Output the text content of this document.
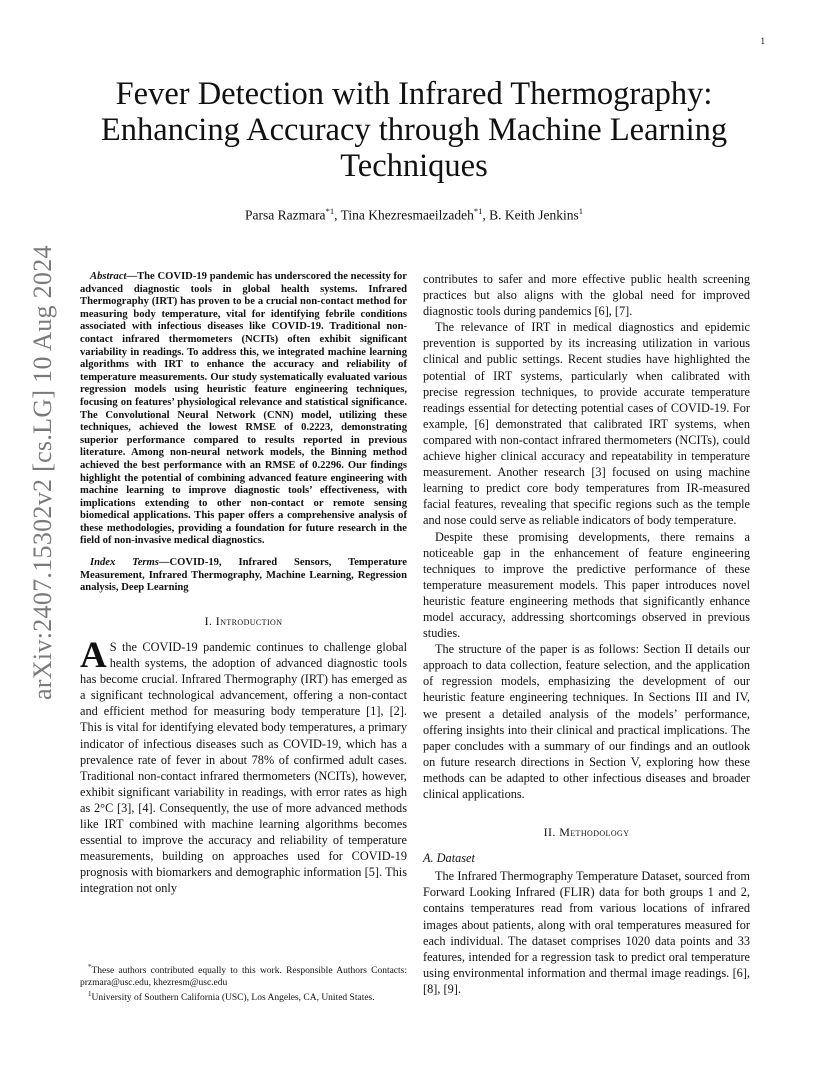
1
arXiv:2407.15302v2 [cs.LG] 10 Aug 2024
Fever Detection with Infrared Thermography: Enhancing Accuracy through Machine Learning Techniques
Parsa Razmara$^{*1}$, Tina Khezresmaeilzadeh$^{*1}$, B. Keith Jenkins$^1$

Abstract—The COVID-19 pandemic has underscored the necessity for advanced diagnostic tools in global health systems. Infrared Thermography (IRT) has proven to be a crucial non-contact method for measuring body temperature, vital for identifying febrile conditions associated with infectious diseases like COVID-19. Traditional non-contact infrared thermometers (NCITs) often exhibit significant variability in readings. To address this, we integrated machine learning algorithms with IRT to enhance the accuracy and reliability of temperature measurements. Our study systematically evaluated various regression models using heuristic feature engineering techniques, focusing on features’ physiological relevance and statistical significance. The Convolutional Neural Network (CNN) model, utilizing these techniques, achieved the lowest RMSE of 0.2223, demonstrating superior performance compared to results reported in previous literature. Among non-neural network models, the Binning method achieved the best performance with an RMSE of 0.2296. Our findings highlight the potential of combining advanced feature engineering with machine learning to improve diagnostic tools’ effectiveness, with implications extending to other non-contact or remote sensing biomedical applications. This paper offers a comprehensive analysis of these methodologies, providing a foundation for future research in the field of non-invasive medical diagnostics.

Index Terms—COVID-19, Infrared Sensors, Temperature Measurement, Infrared Thermography, Machine Learning, Regression analysis, Deep Learning

I. Introduction

A S the COVID-19 pandemic continues to challenge global health systems, the adoption of advanced diagnostic tools has become crucial. Infrared Thermography (IRT) has emerged as a significant technological advancement, offering a non-contact and efficient method for measuring body temperature [1], [2]. This is vital for identifying elevated body temperatures, a primary indicator of infectious diseases such as COVID-19, which has a prevalence rate of fever in about 78% of confirmed adult cases. Traditional non-contact infrared thermometers (NCITs), however, exhibit significant variability in readings, with error rates as high as 2°C [3], [4]. Consequently, the use of more advanced methods like IRT combined with machine learning algorithms becomes essential to improve the accuracy and reliability of temperature measurements, building on approaches used for COVID-19 prognosis with biomarkers and demographic information [5]. This integration not only

contributes to safer and more effective public health screening practices but also aligns with the global need for improved diagnostic tools during pandemics [6], [7].

The relevance of IRT in medical diagnostics and epidemic prevention is supported by its increasing utilization in various clinical and public settings. Recent studies have highlighted the potential of IRT systems, particularly when calibrated with precise regression techniques, to provide accurate temperature readings essential for detecting potential cases of COVID-19. For example, [6] demonstrated that calibrated IRT systems, when compared with non-contact infrared thermometers (NCITs), could achieve higher clinical accuracy and repeatability in temperature measurement. Another research [3] focused on using machine learning to predict core body temperatures from IR-measured facial features, revealing that specific regions such as the temple and nose could serve as reliable indicators of body temperature.

Despite these promising developments, there remains a noticeable gap in the enhancement of feature engineering techniques to improve the predictive performance of these temperature measurement models. This paper introduces novel heuristic feature engineering methods that significantly enhance model accuracy, addressing shortcomings observed in previous studies.

The structure of the paper is as follows: Section II details our approach to data collection, feature selection, and the application of regression models, emphasizing the development of our heuristic feature engineering techniques. In Sections III and IV, we present a detailed analysis of the models’ performance, offering insights into their clinical and practical implications. The paper concludes with a summary of our findings and an outlook on future research directions in Section V, exploring how these methods can be adapted to other infectious diseases and broader clinical applications.

II. Methodology
A. Dataset

The Infrared Thermography Temperature Dataset, sourced from Forward Looking Infrared (FLIR) data for both groups 1 and 2, contains temperatures read from various locations of infrared images about patients, along with oral temperatures measured for each individual. The dataset comprises 1020 data points and 33 features, intended for a regression task to predict oral temperature using environmental information and thermal image readings. [6], [8], [9].

*These authors contributed equally to this work. Responsible Authors Contacts: przmara@usc.edu, khezresm@usc.edu

$^1$University of Southern California (USC), Los Angeles, CA, United States.
